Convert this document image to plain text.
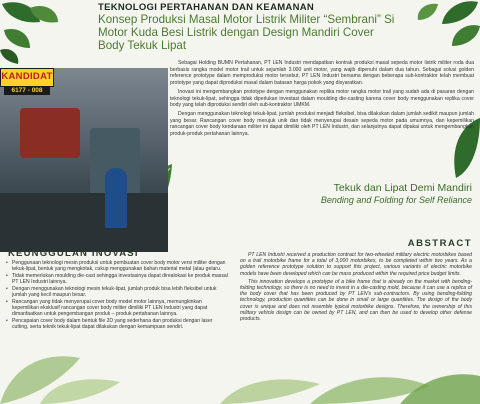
TEKNOLOGI PERTAHANAN DAN KEAMANAN
Konsep Produksi Masal Motor Listrik Militer “Sembrani” Si Motor Kuda Besi Listrik dengan Design Mandiri Cover Body Tekuk Lipat
KANDIDAT
6177 - 008

Sebagai Holding BUMN Pertahanan, PT LEN Industri mendapatkan kontrak produksi masal sepeda motor listrik militer roda dua berbasis rangka model motor trail untuk sejumlah 3.000 unit motor, yang wajib dipenuhi dalam dua tahun. Sebagai solusi golden reference prototype dalam memproduksi motor tersebut, PT LEN Industri bersama dengan beberapa sub-kontraktor telah membuat prototype yang dapat diproduksi masal dalam batasan harga pokok yang disyaratkan.

Inovasi ini mengembangkan prototype dengan menggunakan replika motor rangka motor trail yang sudah ada di pasaran dengan teknologi tekuk-lipat, sehingga tidak diperlukan investasi dalam moulding die-casting karena cover body menggunakan replika cover body yang telah diproduksi sendiri oleh sub-kontraktor UMKM.

Dengan menggunakan teknologi tekuk-lipat, jumlah produksi menjadi fleksibel, bisa dilakukan dalam jumlah sedikit maupun jumlah yang besar. Rancangan cover body merujuk unik dan tidak menyerupai desain sepeda motor pada umumnya, dan kepemilikan rancangan cover body kendaraan militer ini dapat dimiliki oleh PT LEN Industri, dan selanjutnya dapat dipakai untuk mengembangkan produk-produk pertahanan lainnya.

Tekuk dan Lipat Demi Mandiri
Bending and Folding for Self Reliance
KEUNGGULAN INOVASI
• Penggunaan teknologi mesin produksi untuk pembuatan cover body motor versi militer dengan tekuk-lipat, bentuk yang mengkotak, cukup menggunakan bahan material metal (atau gelaru.
• Tidak memerlukan moulding die-cast sehingga investasinya dapat direalokasi ke produk massal PT LEN Industri lainnya.
• Dengan menggunakan teknologi mesin tekuk-lipat, jumlah produk bisa lebih fleksibel untuk jumlah yang kecil maupun besar.
• Rancangan yang tidak menyerupai cover body model motor lainnya, memungkinkan kepemilikan eksklusif rancangan cover body militer dimiliki PT LEN Industri yang dapat dimanfaatkan untuk pengembangan produk – produk pertahanan lainnya.
• Pencapaian cover body dalam bentuk file 2D yang sederhana dan produksi dengan laser cutting, serta teknik tekuk-lipat dapat dilakukan dengan kemampuan sendiri.
ABSTRACT

PT LEN Industri received a production contract for two-wheeled military electric motorbikes based on a trail motorbike frame for a total of 3,000 motorbikes, to be completed within two years. As a golden reference prototype solution to support this project, various variants of electric motorbike models have been developed which can be mass produced within the required price budget limits.

This innovation develops a prototype of a bike frame that is already on the market with bending-folding technology, so there is no need to invest in a die-casting mold, because it can use a replica of the body cover that has been produced by PT LEN's sub-contractors. By using bending-folding technology, production quantities can be done in small or large quantities. The design of the body cover is unique and does not resemble typical motorbike designs. Therefore, the ownership of this military vehicle design can be owned by PT LEN, and can then be used to develop other defense products.
